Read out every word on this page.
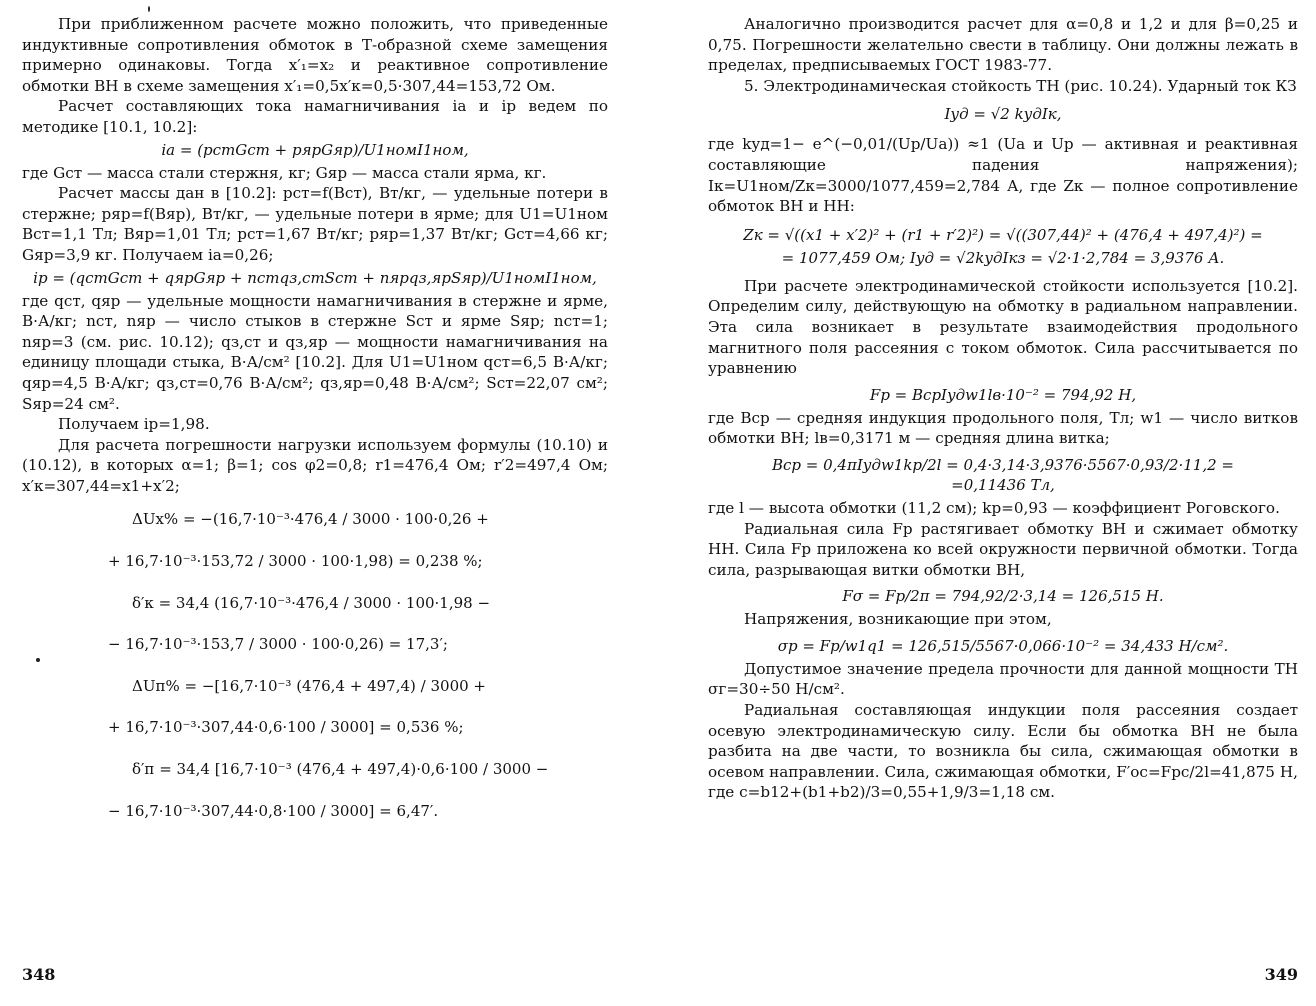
При приближенном расчете можно положить, что приведенные индуктивные сопротивления обмоток в Т-образной схеме замещения примерно одинаковы. Тогда x′₁=x₂ и реактивное сопротивление обмотки ВН в схеме замещения x′₁=0,5x′к=0,5·307,44=153,72 Ом.

Расчет составляющих тока намагничивания iа и iр ведем по методике [10.1, 10.2]:

iа = (pстGст + pярGяр)/U1номI1ном,

где Gст — масса стали стержня, кг; Gяр — масса стали ярма, кг.

Расчет массы дан в [10.2]: pст=f(Bст), Вт/кг, — удельные потери в стержне; pяр=f(Bяр), Вт/кг, — удельные потери в ярме; для U1=U1ном Bст=1,1 Тл; Bяр=1,01 Тл; pст=1,67 Вт/кг; pяр=1,37 Вт/кг; Gст=4,66 кг; Gяр=3,9 кг. Получаем iа=0,26;

iр = (qстGст + qярGяр + nстqз,стSст + nярqз,ярSяр)/U1номI1ном,

где qст, qяр — удельные мощности намагничивания в стержне и ярме, В·А/кг; nст, nяр — число стыков в стержне Sст и ярме Sяр; nст=1; nяр=3 (см. рис. 10.12); qз,ст и qз,яр — мощности намагничивания на единицу площади стыка, В·А/см² [10.2]. Для U1=U1ном qст=6,5 В·А/кг; qяр=4,5 В·А/кг; qз,ст=0,76 В·А/см²; qз,яр=0,48 В·А/см²; Sст=22,07 см²; Sяр=24 см².

Получаем iр=1,98.

Для расчета погрешности нагрузки используем формулы (10.10) и (10.12), в которых α=1; β=1; cos φ2=0,8; r1=476,4 Ом; r′2=497,4 Ом; x′к=307,44=x1+x′2;

ΔUx% = −(16,7·10⁻³·476,4 / 3000 · 100·0,26 +

+ 16,7·10⁻³·153,72 / 3000 · 100·1,98) = 0,238 %;

δ′к = 34,4 (16,7·10⁻³·476,4 / 3000 · 100·1,98 −

− 16,7·10⁻³·153,7 / 3000 · 100·0,26) = 17,3′;

ΔUп% = −[16,7·10⁻³ (476,4 + 497,4) / 3000 +

+ 16,7·10⁻³·307,44·0,6·100 / 3000] = 0,536 %;

δ′п = 34,4 [16,7·10⁻³ (476,4 + 497,4)·0,6·100 / 3000 −

− 16,7·10⁻³·307,44·0,8·100 / 3000] = 6,47′.

348

Аналогично производится расчет для α=0,8 и 1,2 и для β=0,25 и 0,75. Погрешности желательно свести в таблицу. Они должны лежать в пределах, предписываемых ГОСТ 1983-77.

5. Электродинамическая стойкость ТН (рис. 10.24). Ударный ток КЗ

Iуд = √2 kудIк,

где kуд=1− e^(−0,01/(Uр/Uа)) ≈1 (Uа и Uр — активная и реактивная составляющие падения напряжения); Iк=U1ном/Zк=3000/1077,459=2,784 А, где Zк — полное сопротивление обмоток ВН и НН:

Zк = √((x1 + x′2)² + (r1 + r′2)²) = √((307,44)² + (476,4 + 497,4)²) =

= 1077,459 Ом; Iуд = √2kудIкз = √2·1·2,784 = 3,9376 А.

При расчете электродинамической стойкости используется [10.2]. Определим силу, действующую на обмотку в радиальном направлении. Эта сила возникает в результате взаимодействия продольного магнитного поля рассеяния с током обмоток. Сила рассчитывается по уравнению

Fр = BсрIудw1lв·10⁻² = 794,92 Н,

где Bср — средняя индукция продольного поля, Тл; w1 — число витков обмотки ВН; lв=0,3171 м — средняя длина витка;

Bср = 0,4πIудw1kр/2l = 0,4·3,14·3,9376·5567·0,93/2·11,2 =

=0,11436 Тл,

где l — высота обмотки (11,2 см); kр=0,93 — коэффициент Роговского.

Радиальная сила Fр растягивает обмотку ВН и сжимает обмотку НН. Сила Fр приложена ко всей окружности первичной обмотки. Тогда сила, разрывающая витки обмотки ВН,

Fσ = Fр/2π = 794,92/2·3,14 = 126,515 Н.

Напряжения, возникающие при этом,

σр = Fр/w1q1 = 126,515/5567·0,066·10⁻² = 34,433 Н/см².

Допустимое значение предела прочности для данной мощности ТН σг=30÷50 Н/см².

Радиальная составляющая индукции поля рассеяния создает осевую электродинамическую силу. Если бы обмотка ВН не была разбита на две части, то возникла бы сила, сжимающая обмотки в осевом направлении. Сила, сжимающая обмотки, F′ос=Fрc/2l=41,875 Н, где c=b12+(b1+b2)/3=0,55+1,9/3=1,18 см.

349
